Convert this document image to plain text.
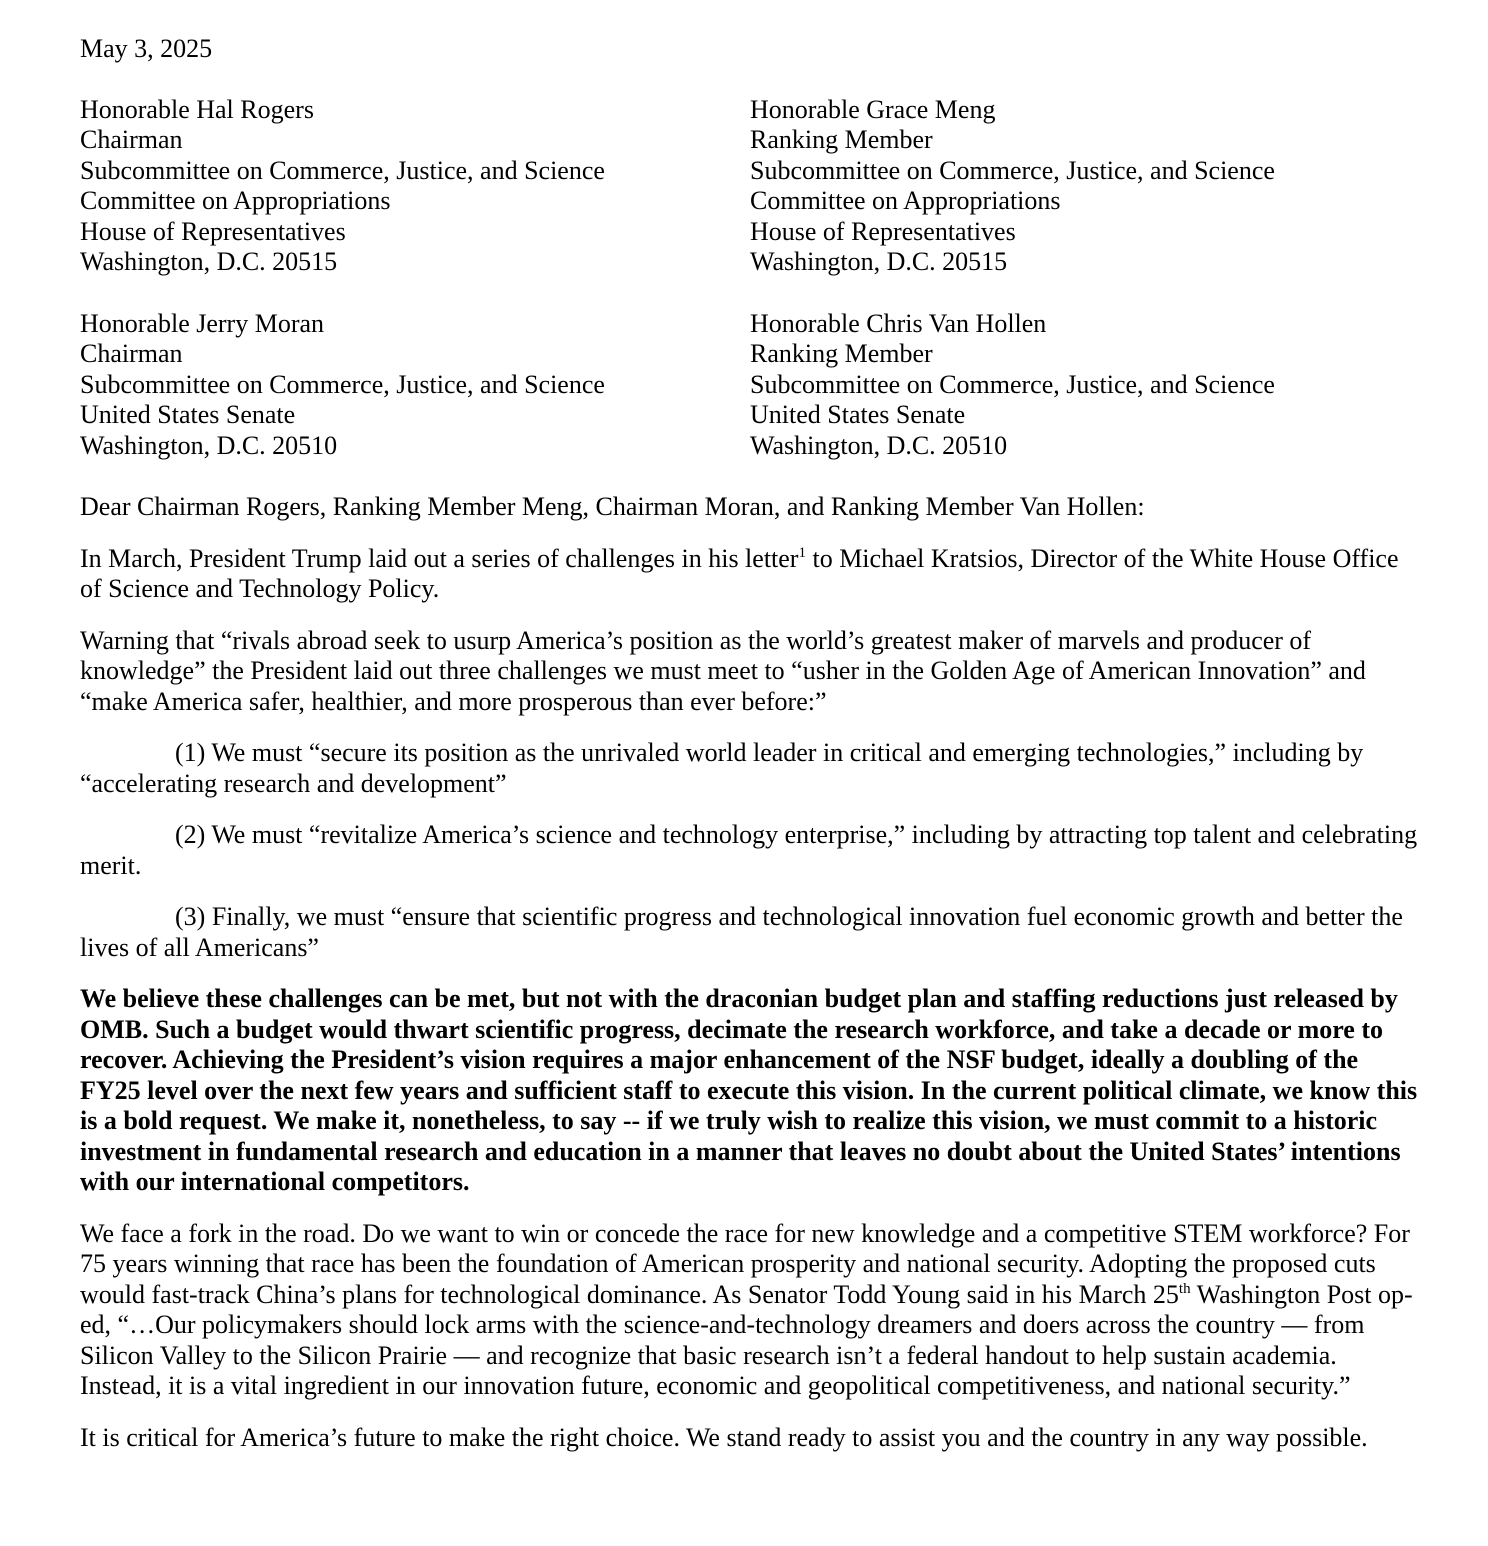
May 3, 2025
Honorable Hal Rogers
Chairman
Subcommittee on Commerce, Justice, and Science
Committee on Appropriations
House of Representatives
Washington, D.C. 20515
Honorable Grace Meng
Ranking Member
Subcommittee on Commerce, Justice, and Science
Committee on Appropriations
House of Representatives
Washington, D.C. 20515
Honorable Jerry Moran
Chairman
Subcommittee on Commerce, Justice, and Science
United States Senate
Washington, D.C. 20510
Honorable Chris Van Hollen
Ranking Member
Subcommittee on Commerce, Justice, and Science
United States Senate
Washington, D.C. 20510

Dear Chairman Rogers, Ranking Member Meng, Chairman Moran, and Ranking Member Van Hollen:

In March, President Trump laid out a series of challenges in his letter$^1$ to Michael Kratsios, Director of the White House Office of Science and Technology Policy.

Warning that “rivals abroad seek to usurp America’s position as the world’s greatest maker of marvels and producer of knowledge” the President laid out three challenges we must meet to “usher in the Golden Age of American Innovation” and “make America safer, healthier, and more prosperous than ever before:”

(1) We must “secure its position as the unrivaled world leader in critical and emerging technologies,” including by “accelerating research and development”

(2) We must “revitalize America’s science and technology enterprise,” including by attracting top talent and celebrating merit.

(3) Finally, we must “ensure that scientific progress and technological innovation fuel economic growth and better the lives of all Americans”

We believe these challenges can be met, but not with the draconian budget plan and staffing reductions just released by OMB. Such a budget would thwart scientific progress, decimate the research workforce, and take a decade or more to recover. Achieving the President’s vision requires a major enhancement of the NSF budget, ideally a doubling of the FY25 level over the next few years and sufficient staff to execute this vision. In the current political climate, we know this is a bold request. We make it, nonetheless, to say -- if we truly wish to realize this vision, we must commit to a historic investment in fundamental research and education in a manner that leaves no doubt about the United States’ intentions with our international competitors.

We face a fork in the road. Do we want to win or concede the race for new knowledge and a competitive STEM workforce? For 75 years winning that race has been the foundation of American prosperity and national security. Adopting the proposed cuts would fast-track China’s plans for technological dominance. As Senator Todd Young said in his March 25th Washington Post op-ed, “…Our policymakers should lock arms with the science-and-technology dreamers and doers across the country — from Silicon Valley to the Silicon Prairie — and recognize that basic research isn’t a federal handout to help sustain academia. Instead, it is a vital ingredient in our innovation future, economic and geopolitical competitiveness, and national security.”

It is critical for America’s future to make the right choice. We stand ready to assist you and the country in any way possible.
